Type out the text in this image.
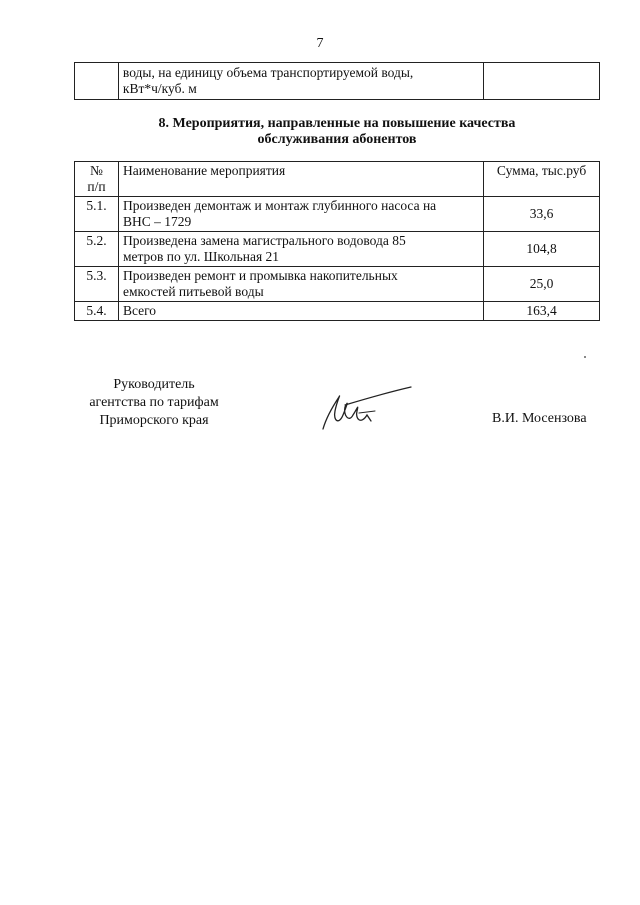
7

воды, на единицу объема транспортируемой воды,
кВт*ч/куб. м

8. Мероприятия, направленные на повышение качества
обслуживания абонентов
№
п/п	Наименование мероприятия	Сумма, тыс.руб
5.1.	Произведен демонтаж и монтаж глубинного насоса на
ВНС – 1729	33,6
5.2.	Произведена замена магистрального водовода 85
метров по ул. Школьная 21	104,8
5.3.	Произведен ремонт и промывка накопительных
емкостей питьевой воды	25,0
5.4.	Всего	163,4
Руководитель
агентства по тарифам
Приморского края	В.И. Мосензова
